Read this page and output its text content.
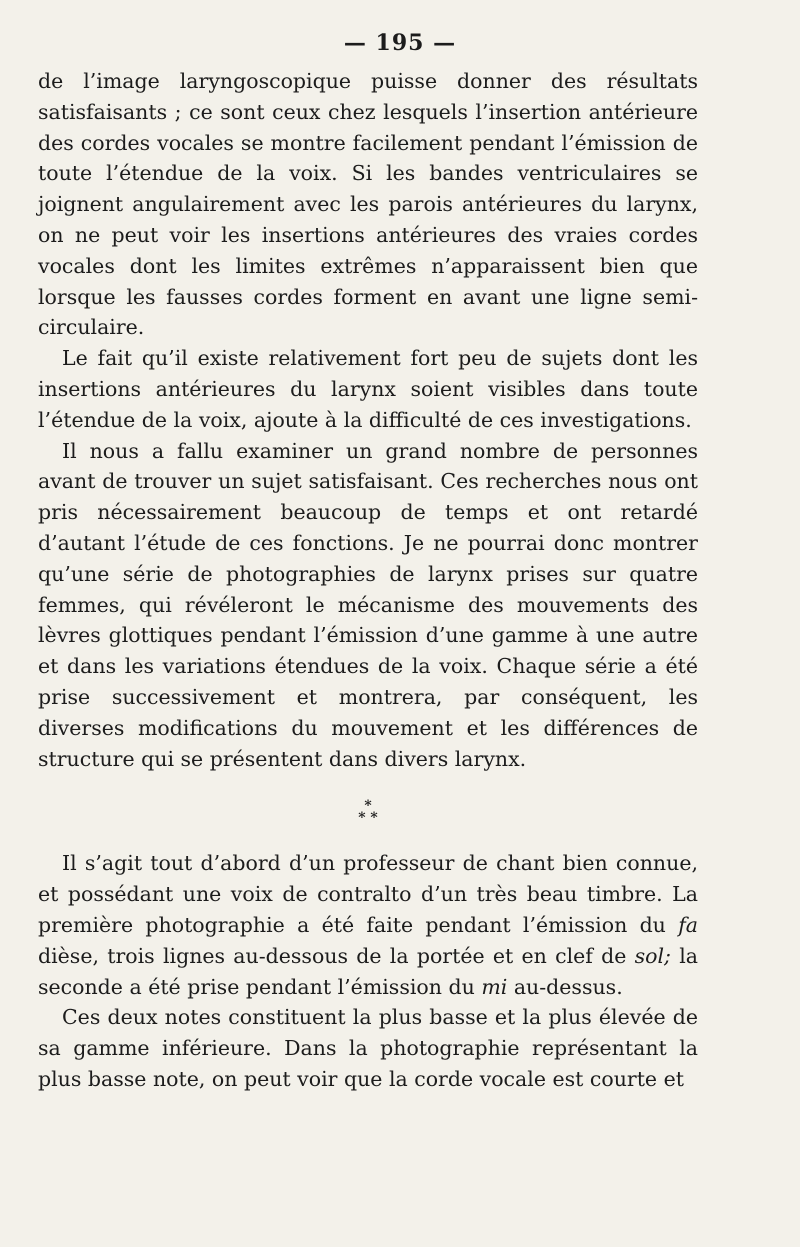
— 195 —

de l’image laryngoscopique puisse donner des résultats satisfaisants ; ce sont ceux chez lesquels l’insertion antérieure des cordes vocales se montre facilement pendant l’émission de toute l’étendue de la voix. Si les bandes ventriculaires se joignent angulairement avec les parois antérieures du larynx, on ne peut voir les insertions antérieures des vraies cordes vocales dont les limites extrêmes n’apparaissent bien que lorsque les fausses cordes forment en avant une ligne semi-circulaire.

Le fait qu’il existe relativement fort peu de sujets dont les insertions antérieures du larynx soient visibles dans toute l’étendue de la voix, ajoute à la difficulté de ces investigations.

Il nous a fallu examiner un grand nombre de personnes avant de trouver un sujet satisfaisant. Ces recherches nous ont pris nécessairement beaucoup de temps et ont retardé d’autant l’étude de ces fonctions. Je ne pourrai donc montrer qu’une série de photographies de larynx prises sur quatre femmes, qui révéleront le mécanisme des mouvements des lèvres glottiques pendant l’émission d’une gamme à une autre et dans les variations étendues de la voix. Chaque série a été prise successivement et montrera, par conséquent, les diverses modifications du mouvement et les différences de structure qui se présentent dans divers larynx.

*
* *

Il s’agit tout d’abord d’un professeur de chant bien connue, et possédant une voix de contralto d’un très beau timbre. La première photographie a été faite pendant l’émission du fa dièse, trois lignes au-dessous de la portée et en clef de sol; la seconde a été prise pendant l’émission du mi au-dessus.

Ces deux notes constituent la plus basse et la plus élevée de sa gamme inférieure. Dans la photographie représentant la plus basse note, on peut voir que la corde vocale est courte et
